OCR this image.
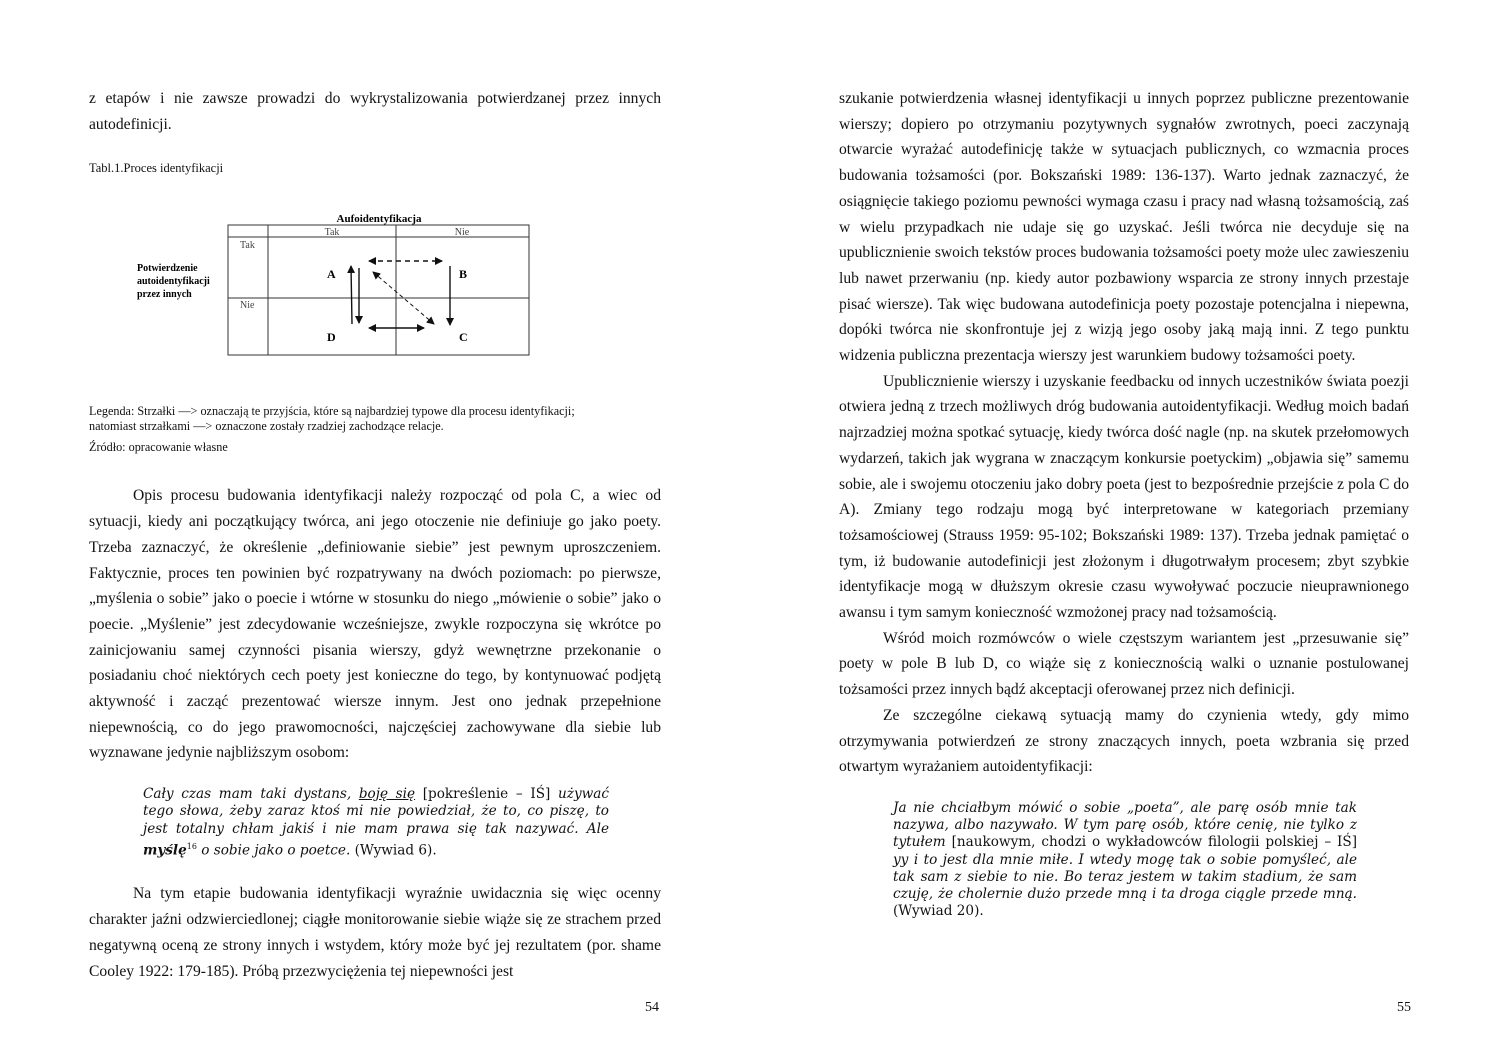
z etapów i nie zawsze prowadzi do wykrystalizowania potwierdzanej przez innych autodefinicji.

Tabl.1.Proces identyfikacji

Aufoidentyfikacja
Tak	Nie
Tak
Nie
Potwierdzenie
autoidentyfikacji
przez innych
A	B
C
D

Legenda: Strzałki —> oznaczają te przyjścia, które są najbardziej typowe dla procesu identyfikacji;

natomiast strzałkami —> oznaczone zostały rzadziej zachodzące relacje.

Źródło: opracowanie własne

Opis procesu budowania identyfikacji należy rozpocząć od pola C, a wiec od sytuacji, kiedy ani początkujący twórca, ani jego otoczenie nie definiuje go jako poety. Trzeba zaznaczyć, że określenie „definiowanie siebie” jest pewnym uproszczeniem. Faktycznie, proces ten powinien być rozpatrywany na dwóch poziomach: po pierwsze, „myślenia o sobie” jako o poecie i wtórne w stosunku do niego „mówienie o sobie” jako o poecie. „Myślenie” jest zdecydowanie wcześniejsze, zwykle rozpoczyna się wkrótce po zainicjowaniu samej czynności pisania wierszy, gdyż wewnętrzne przekonanie o posiadaniu choć niektórych cech poety jest konieczne do tego, by kontynuować podjętą aktywność i zacząć prezentować wiersze innym. Jest ono jednak przepełnione niepewnością, co do jego prawomocności, najczęściej zachowywane dla siebie lub wyznawane jedynie najbliższym osobom:

Cały czas mam taki dystans, boję się [pokreślenie – IŚ] używać tego słowa, żeby zaraz ktoś mi nie powiedział, że to, co piszę, to jest totalny chłam jakiś i nie mam prawa się tak nazywać. Ale myślę$^{16}$ o sobie jako o poetce. (Wywiad 6).

Na tym etapie budowania identyfikacji wyraźnie uwidacznia się więc ocenny charakter jaźni odzwierciedlonej; ciągłe monitorowanie siebie wiąże się ze strachem przed negatywną oceną ze strony innych i wstydem, który może być jej rezultatem (por. shame Cooley 1922: 179-185). Próbą przezwyciężenia tej niepewności jest

54

szukanie potwierdzenia własnej identyfikacji u innych poprzez publiczne prezentowanie wierszy; dopiero po otrzymaniu pozytywnych sygnałów zwrotnych, poeci zaczynają otwarcie wyrażać autodefinicję także w sytuacjach publicznych, co wzmacnia proces budowania tożsamości (por. Bokszański 1989: 136-137). Warto jednak zaznaczyć, że osiągnięcie takiego poziomu pewności wymaga czasu i pracy nad własną tożsamością, zaś w wielu przypadkach nie udaje się go uzyskać. Jeśli twórca nie decyduje się na upublicznienie swoich tekstów proces budowania tożsamości poety może ulec zawieszeniu lub nawet przerwaniu (np. kiedy autor pozbawiony wsparcia ze strony innych przestaje pisać wiersze). Tak więc budowana autodefinicja poety pozostaje potencjalna i niepewna, dopóki twórca nie skonfrontuje jej z wizją jego osoby jaką mają inni. Z tego punktu widzenia publiczna prezentacja wierszy jest warunkiem budowy tożsamości poety.

Upublicznienie wierszy i uzyskanie feedbacku od innych uczestników świata poezji otwiera jedną z trzech możliwych dróg budowania autoidentyfikacji. Według moich badań najrzadziej można spotkać sytuację, kiedy twórca dość nagle (np. na skutek przełomowych wydarzeń, takich jak wygrana w znaczącym konkursie poetyckim) „objawia się” samemu sobie, ale i swojemu otoczeniu jako dobry poeta (jest to bezpośrednie przejście z pola C do A). Zmiany tego rodzaju mogą być interpretowane w kategoriach przemiany tożsamościowej (Strauss 1959: 95-102; Bokszański 1989: 137). Trzeba jednak pamiętać o tym, iż budowanie autodefinicji jest złożonym i długotrwałym procesem; zbyt szybkie identyfikacje mogą w dłuższym okresie czasu wywoływać poczucie nieuprawnionego awansu i tym samym konieczność wzmożonej pracy nad tożsamością.

Wśród moich rozmówców o wiele częstszym wariantem jest „przesuwanie się” poety w pole B lub D, co wiąże się z koniecznością walki o uznanie postulowanej tożsamości przez innych bądź akceptacji oferowanej przez nich definicji.

Ze szczególne ciekawą sytuacją mamy do czynienia wtedy, gdy mimo otrzymywania potwierdzeń ze strony znaczących innych, poeta wzbrania się przed otwartym wyrażaniem autoidentyfikacji:

Ja nie chciałbym mówić o sobie „poeta”, ale parę osób mnie tak nazywa, albo nazywało. W tym parę osób, które cenię, nie tylko z tytułem [naukowym, chodzi o wykładowców filologii polskiej – IŚ] yy i to jest dla mnie miłe. I wtedy mogę tak o sobie pomyśleć, ale tak sam z siebie to nie. Bo teraz jestem w takim stadium, że sam czuję, że cholernie dużo przede mną i ta droga ciągle przede mną. (Wywiad 20).

55
